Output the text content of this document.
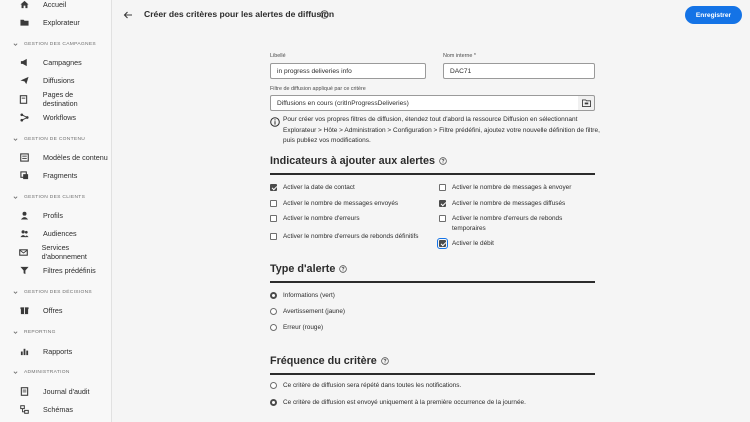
Accueil
Explorateur
GESTION DES CAMPAGNES
Campagnes
Diffusions
Pages de destination
Workflows
GESTION DE CONTENU
Modèles de contenu
Fragments
GESTION DES CLIENTS
Profils
Audiences
Services d'abonnement
Filtres prédéfinis
GESTION DES DÉCISIONS
Offres
REPORTING
Rapports
ADMINISTRATION
Journal d'audit
Schémas
Créer des critères pour les alertes de diffusion	Enregistrer
Libellé
in progress deliveries info
Nom interne *
DAC71
Filtre de diffusion appliqué par ce critère
Diffusions en cours (critInProgressDeliveries)
Pour créer vos propres filtres de diffusion, étendez tout d'abord la ressource Diffusion en sélectionnant Explorateur > Hôte > Administration > Configuration > Filtre prédéfini, ajoutez votre nouvelle définition de filtre, puis publiez vos modifications.
Indicateurs à ajouter aux alertes
Activer la date de contact
Activer le nombre de messages envoyés
Activer le nombre d'erreurs
Activer le nombre d'erreurs de rebonds définitifs
Activer le nombre de messages à envoyer
Activer le nombre de messages diffusés
Activer le nombre d'erreurs de rebonds temporaires
Activer le débit
Type d'alerte
Informations (vert)
Avertissement (jaune)
Erreur (rouge)
Fréquence du critère
Ce critère de diffusion sera répété dans toutes les notifications.
Ce critère de diffusion est envoyé uniquement à la première occurrence de la journée.
